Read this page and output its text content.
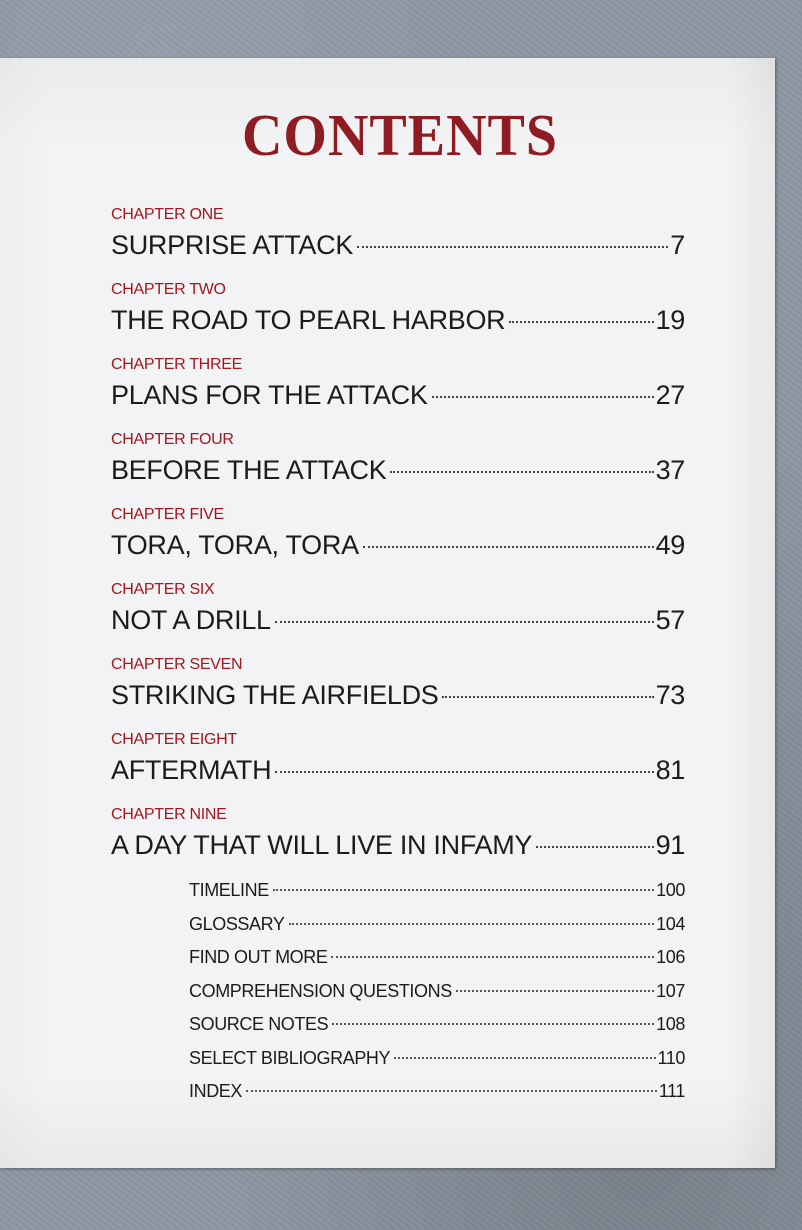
CONTENTS
CHAPTER ONE
SURPRISE ATTACK	7
CHAPTER TWO
THE ROAD TO PEARL HARBOR	19
CHAPTER THREE
PLANS FOR THE ATTACK	27
CHAPTER FOUR
BEFORE THE ATTACK	37
CHAPTER FIVE
TORA, TORA, TORA	49
CHAPTER SIX
NOT A DRILL	57
CHAPTER SEVEN
STRIKING THE AIRFIELDS	73
CHAPTER EIGHT
AFTERMATH	81
CHAPTER NINE
A DAY THAT WILL LIVE IN INFAMY	91
TIMELINE	100
GLOSSARY	104
FIND OUT MORE	106
COMPREHENSION QUESTIONS	107
SOURCE NOTES	108
SELECT BIBLIOGRAPHY	110
INDEX	111
